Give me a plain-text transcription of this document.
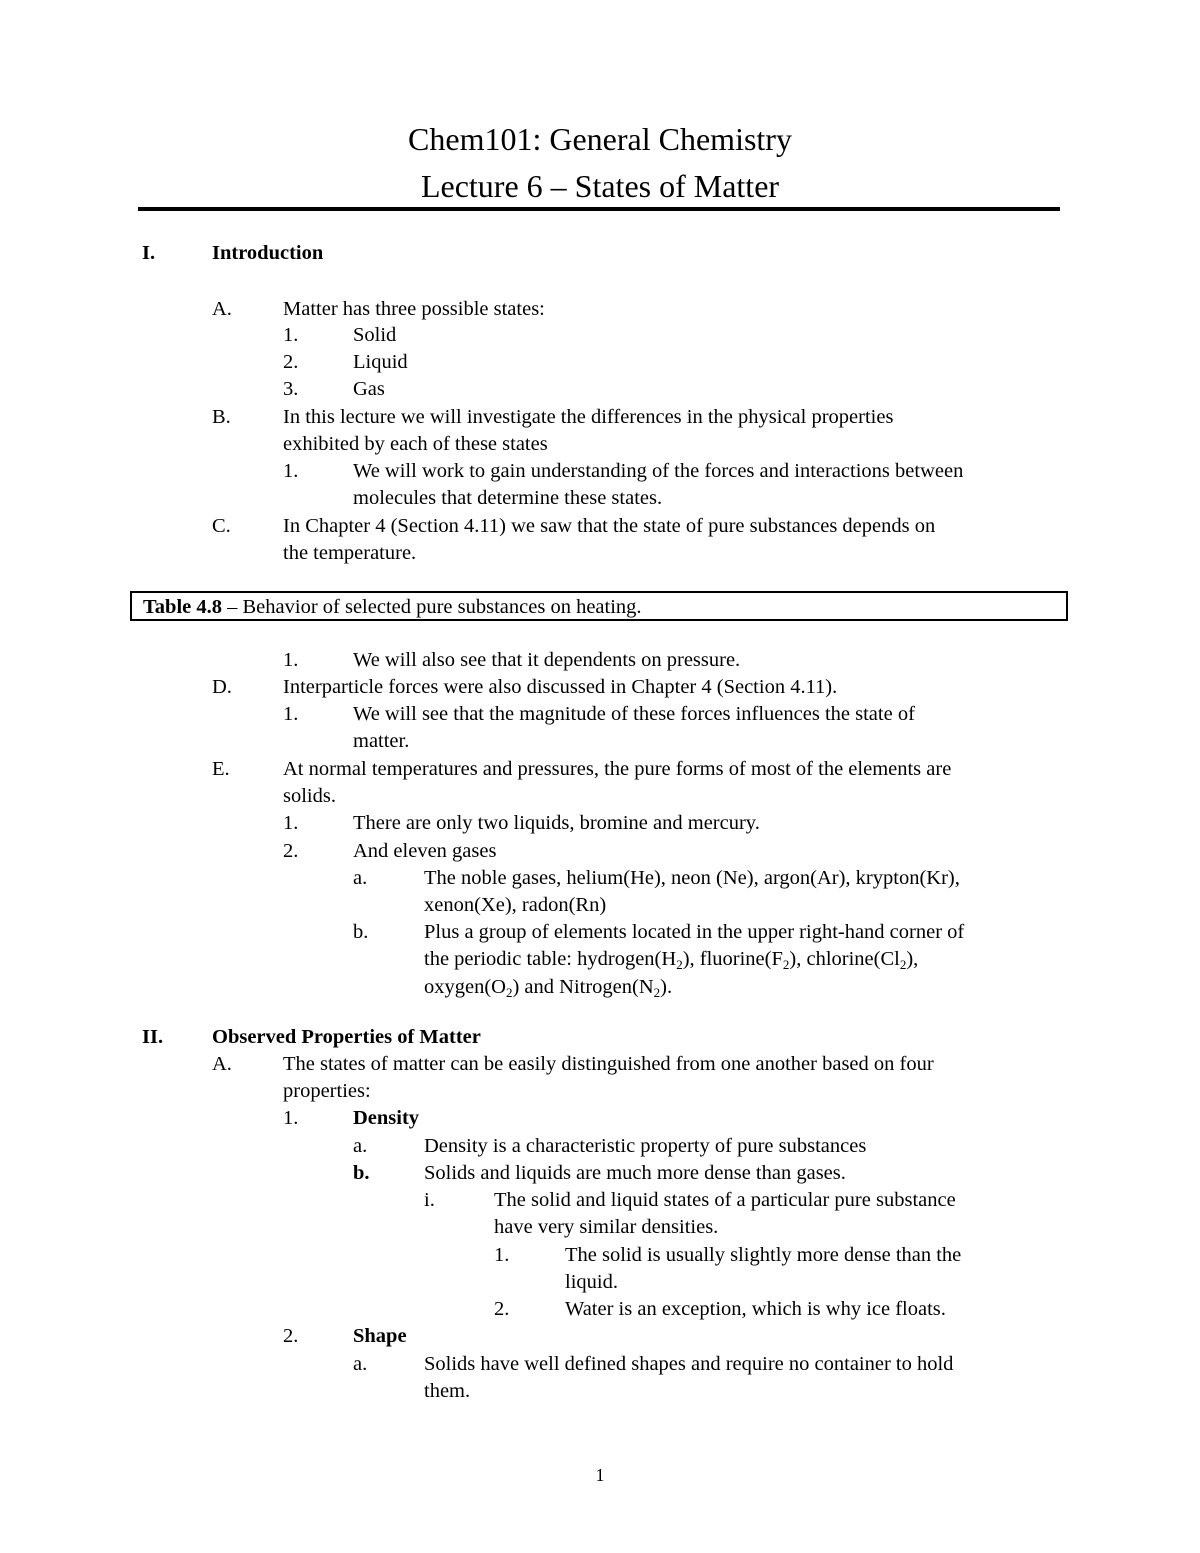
Chem101: General Chemistry
Lecture 6 – States of Matter
I.	Introduction
A. Matter has three possible states:
1.	Solid
2.	Liquid
3.	Gas
B.	In this lecture we will investigate the differences in the physical properties
exhibited by each of these states
1.	We will work to gain understanding of the forces and interactions between
molecules that determine these states.
C.	In Chapter 4 (Section 4.11) we saw that the state of pure substances depends on
the temperature.
Table 4.8 – Behavior of selected pure substances on heating.
1.	We will also see that it dependents on pressure.
D. Interparticle forces were also discussed in Chapter 4 (Section 4.11).
1.	We will see that the magnitude of these forces influences the state of
matter.
E.	At normal temperatures and pressures, the pure forms of most of the elements are
solids.
1.	There are only two liquids, bromine and mercury.
2.	And eleven gases
a.	The noble gases, helium(He), neon (Ne), argon(Ar), krypton(Kr),
xenon(Xe), radon(Rn)
b.	Plus a group of elements located in the upper right-hand corner of
the periodic table: $hydrogen(H_2)$, $fluorine(F_2)$, $chlorine(Cl_2)$,
$oxygen(O_2)$ and $Nitrogen(N_2)$.
II. Observed Properties of Matter
A. The states of matter can be easily distinguished from one another based on four
properties:
1.	Density
a.	Density is a characteristic property of pure substances
b.	Solids and liquids are much more dense than gases.
i.	The solid and liquid states of a particular pure substance
have very similar densities.
1.	The solid is usually slightly more dense than the
liquid.
2.	Water is an exception, which is why ice floats.
2.	Shape
a.	Solids have well defined shapes and require no container to hold
them.
1
